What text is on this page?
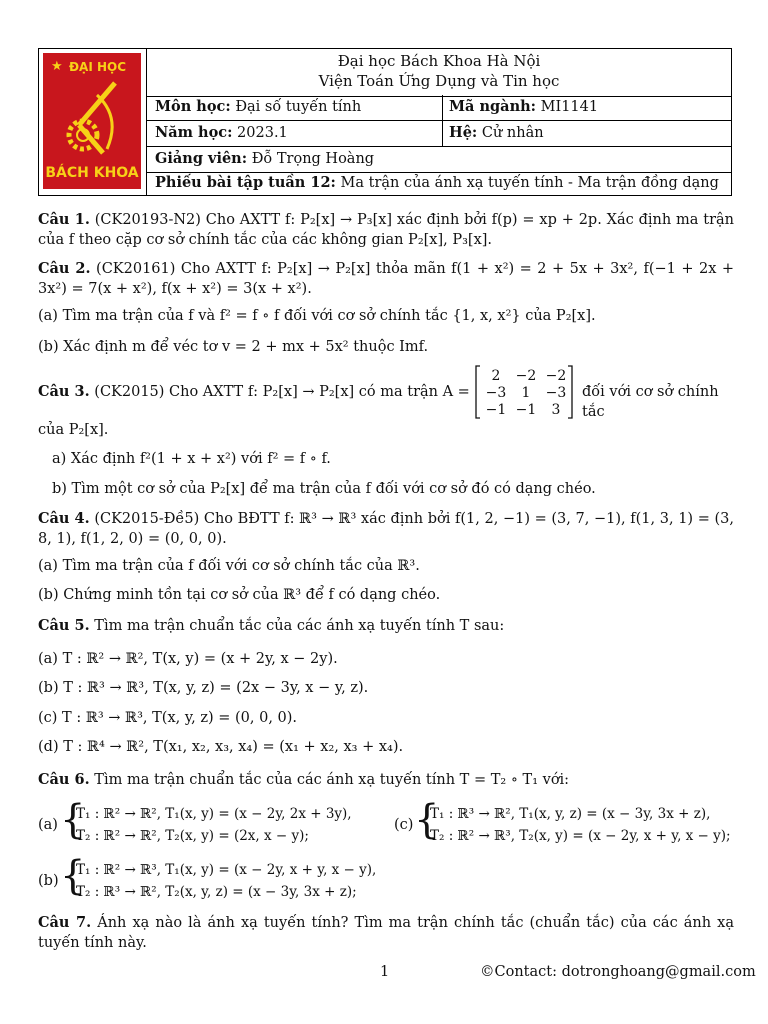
★ ĐẠI HỌC
BÁCH KHOA
Đại học Bách Khoa Hà Nội
Viện Toán Ứng Dụng và Tin học
Môn học: Đại số tuyến tính	Mã ngành: MI1141
Năm học: 2023.1	Hệ: Cử nhân
Giảng viên: Đỗ Trọng Hoàng
Phiếu bài tập tuần 12: Ma trận của ánh xạ tuyến tính - Ma trận đồng dạng
Câu 1. (CK20193-N2) Cho AXTT f: P₂[x] → P₃[x] xác định bởi f(p) = xp + 2p. Xác định ma trận của f theo cặp cơ sở chính tắc của các không gian P₂[x], P₃[x].
Câu 2. (CK20161) Cho AXTT f: P₂[x] → P₂[x] thỏa mãn f(1 + x²) = 2 + 5x + 3x², f(−1 + 2x + 3x²) = 7(x + x²), f(x + x²) = 3(x + x²).
(a) Tìm ma trận của f và f² = f ∘ f đối với cơ sở chính tắc {1, x, x²} của P₂[x].
(b) Xác định m để véc tơ v = 2 + mx + 5x² thuộc Imf.
Câu 3. (CK2015) Cho AXTT f: P₂[x] → P₂[x] có ma trận A =
2 −2 −2
−3 1 −3
−1 −1 3
đối với cơ sở chính tắc
của P₂[x].
a) Xác định f²(1 + x + x²) với f² = f ∘ f.
b) Tìm một cơ sở của P₂[x] để ma trận của f đối với cơ sở đó có dạng chéo.
Câu 4. (CK2015-Đề5) Cho BĐTT f: ℝ³ → ℝ³ xác định bởi f(1, 2, −1) = (3, 7, −1), f(1, 3, 1) = (3, 8, 1), f(1, 2, 0) = (0, 0, 0).
(a) Tìm ma trận của f đối với cơ sở chính tắc của ℝ³.
(b) Chứng minh tồn tại cơ sở của ℝ³ để f có dạng chéo.
Câu 5. Tìm ma trận chuẩn tắc của các ánh xạ tuyến tính T sau:
(a) T : ℝ² → ℝ², T(x, y) = (x + 2y, x − 2y).
(b) T : ℝ³ → ℝ³, T(x, y, z) = (2x − 3y, x − y, z).
(c) T : ℝ³ → ℝ³, T(x, y, z) = (0, 0, 0).
(d) T : ℝ⁴ → ℝ², T(x₁, x₂, x₃, x₄) = (x₁ + x₂, x₃ + x₄).
Câu 6. Tìm ma trận chuẩn tắc của các ánh xạ tuyến tính T = T₂ ∘ T₁ với:
(a) {
T₁ : ℝ² → ℝ², T₁(x, y) = (x − 2y, 2x + 3y),
T₂ : ℝ² → ℝ², T₂(x, y) = (2x, x − y);
(c) {
T₁ : ℝ³ → ℝ², T₁(x, y, z) = (x − 3y, 3x + z),
T₂ : ℝ² → ℝ³, T₂(x, y) = (x − 2y, x + y, x − y);
(b) {
T₁ : ℝ² → ℝ³, T₁(x, y) = (x − 2y, x + y, x − y),
T₂ : ℝ³ → ℝ², T₂(x, y, z) = (x − 3y, 3x + z);
Câu 7. Ánh xạ nào là ánh xạ tuyến tính? Tìm ma trận chính tắc (chuẩn tắc) của các ánh xạ tuyến tính này.
1	©Contact: dotronghoang@gmail.com
